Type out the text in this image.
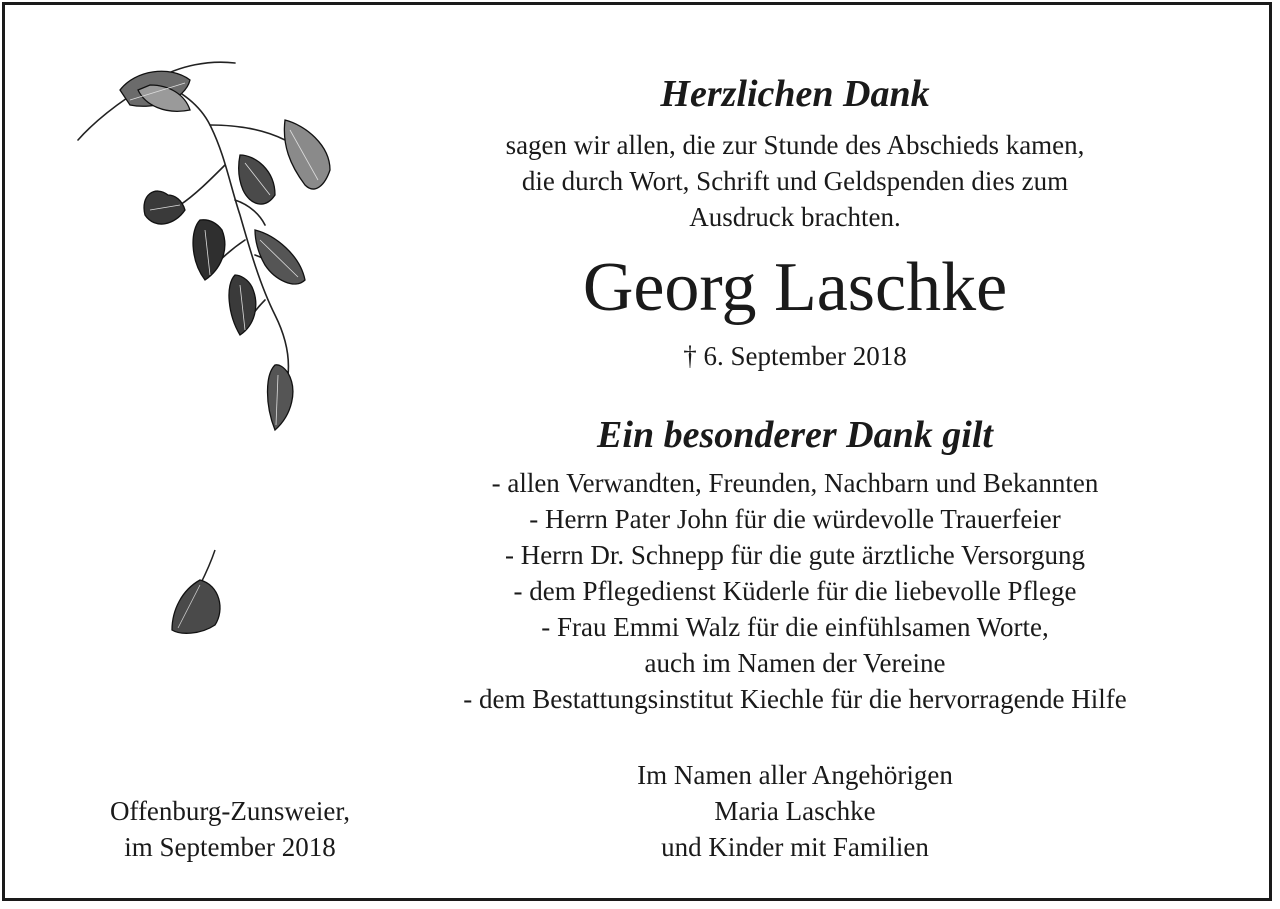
Herzlichen Dank
sagen wir allen, die zur Stunde des Abschieds kamen,
die durch Wort, Schrift und Geldspenden dies zum
Ausdruck brachten.
Georg Laschke
† 6. September 2018
Ein besonderer Dank gilt
- allen Verwandten, Freunden, Nachbarn und Bekannten
- Herrn Pater John für die würdevolle Trauerfeier
- Herrn Dr. Schnepp für die gute ärztliche Versorgung
- dem Pflegedienst Küderle für die liebevolle Pflege
- Frau Emmi Walz für die einfühlsamen Worte,
auch im Namen der Vereine
- dem Bestattungsinstitut Kiechle für die hervorragende Hilfe
Im Namen aller Angehörigen
Maria Laschke
und Kinder mit Familien
Offenburg-Zunsweier,
im September 2018
